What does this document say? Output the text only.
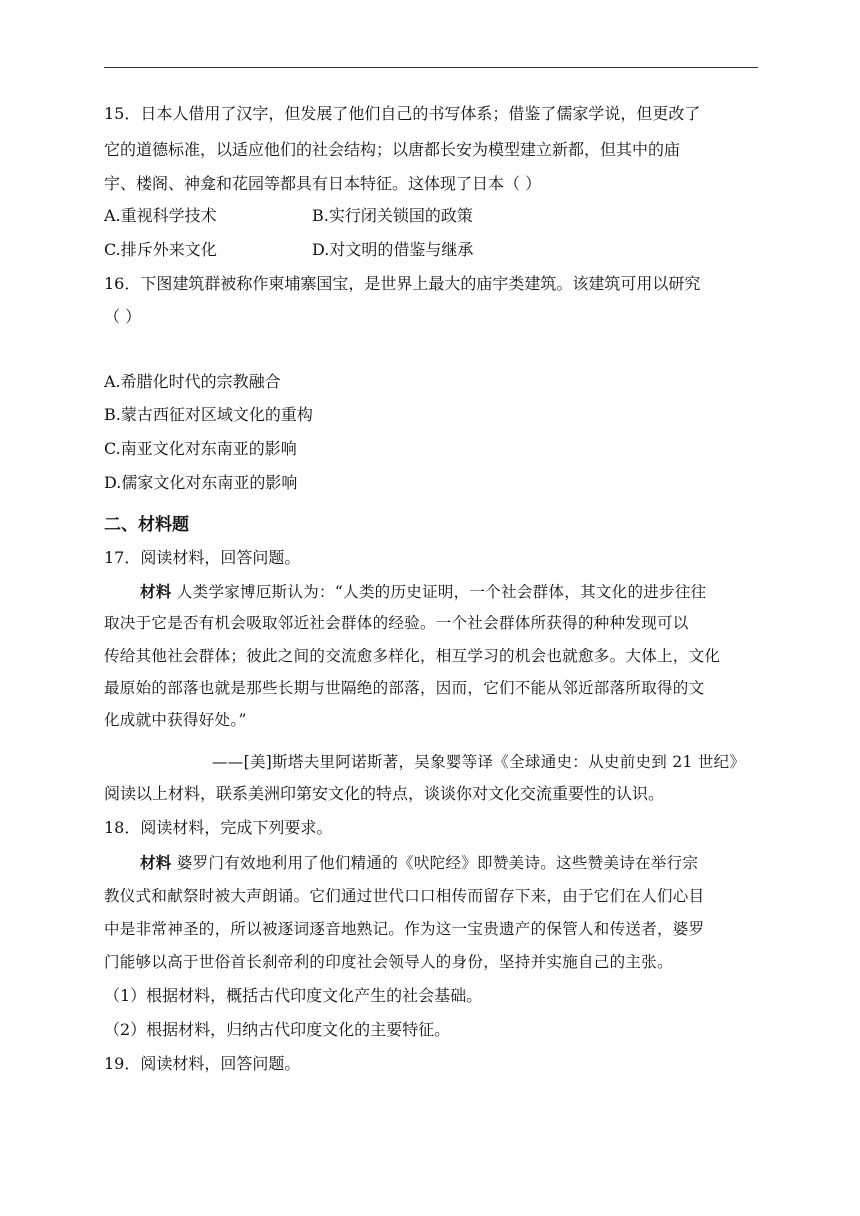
15．日本人借用了汉字，但发展了他们自己的书写体系；借鉴了儒家学说，但更改了
它的道德标准，以适应他们的社会结构；以唐都长安为模型建立新都，但其中的庙
宇、楼阁、神龛和花园等都具有日本特征。这体现了日本（ ）
A.重视科学技术	B.实行闭关锁国的政策
C.排斥外来文化	D.对文明的借鉴与继承
16．下图建筑群被称作柬埔寨国宝，是世界上最大的庙宇类建筑。该建筑可用以研究
（ ）
A.希腊化时代的宗教融合
B.蒙古西征对区域文化的重构
C.南亚文化对东南亚的影响
D.儒家文化对东南亚的影响
二、材料题
17．阅读材料，回答问题。
材料 人类学家博厄斯认为：“人类的历史证明，一个社会群体，其文化的进步往往
取决于它是否有机会吸取邻近社会群体的经验。一个社会群体所获得的种种发现可以
传给其他社会群体；彼此之间的交流愈多样化，相互学习的机会也就愈多。大体上，文化
最原始的部落也就是那些长期与世隔绝的部落，因而，它们不能从邻近部落所取得的文
化成就中获得好处。”
——[美]斯塔夫里阿诺斯著，吴象婴等译《全球通史：从史前史到 21 世纪》
阅读以上材料，联系美洲印第安文化的特点，谈谈你对文化交流重要性的认识。
18．阅读材料，完成下列要求。
材料 婆罗门有效地利用了他们精通的《吠陀经》即赞美诗。这些赞美诗在举行宗
教仪式和献祭时被大声朗诵。它们通过世代口口相传而留存下来，由于它们在人们心目
中是非常神圣的，所以被逐词逐音地熟记。作为这一宝贵遗产的保管人和传送者，婆罗
门能够以高于世俗首长刹帝利的印度社会领导人的身份，坚持并实施自己的主张。
（1）根据材料，概括古代印度文化产生的社会基础。
（2）根据材料，归纳古代印度文化的主要特征。
19．阅读材料，回答问题。
